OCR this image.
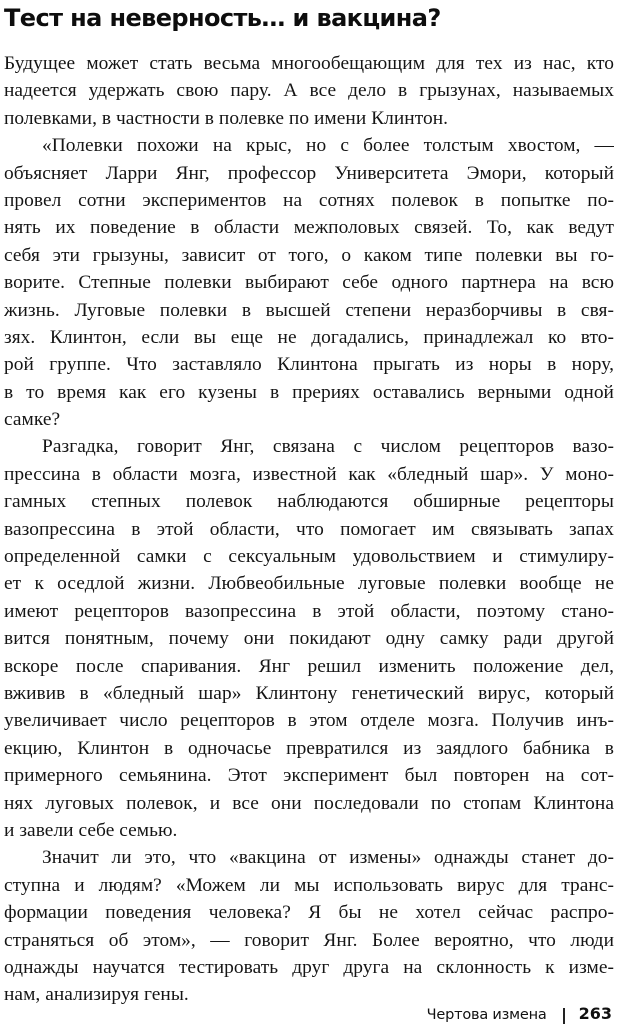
Тест на неверность… и вакцина?
Будущее может стать весьма многообещающим для тех из нас, кто
надеется удержать свою пару. А все дело в грызунах, называемых
полевками, в частности в полевке по имени Клинтон.
«Полевки похожи на крыс, но с более толстым хвостом, —
объясняет Ларри Янг, профессор Университета Эмори, который
провел сотни экспериментов на сотнях полевок в попытке по-
нять их поведение в области межполовых связей. То, как ведут
себя эти грызуны, зависит от того, о каком типе полевки вы го-
ворите. Степные полевки выбирают себе одного партнера на всю
жизнь. Луговые полевки в высшей степени неразборчивы в свя-
зях. Клинтон, если вы еще не догадались, принадлежал ко вто-
рой группе. Что заставляло Клинтона прыгать из норы в нору,
в то время как его кузены в прериях оставались верными одной
самке?
Разгадка, говорит Янг, связана с числом рецепторов вазо-
прессина в области мозга, известной как «бледный шар». У моно-
гамных степных полевок наблюдаются обширные рецепторы
вазопрессина в этой области, что помогает им связывать запах
определенной самки с сексуальным удовольствием и стимулиру-
ет к оседлой жизни. Любвеобильные луговые полевки вообще не
имеют рецепторов вазопрессина в этой области, поэтому стано-
вится понятным, почему они покидают одну самку ради другой
вскоре после спаривания. Янг решил изменить положение дел,
вживив в «бледный шар» Клинтону генетический вирус, который
увеличивает число рецепторов в этом отделе мозга. Получив инъ-
екцию, Клинтон в одночасье превратился из заядлого бабника в
примерного семьянина. Этот эксперимент был повторен на сот-
нях луговых полевок, и все они последовали по стопам Клинтона
и завели себе семью.
Значит ли это, что «вакцина от измены» однажды станет до-
ступна и людям? «Можем ли мы использовать вирус для транс-
формации поведения человека? Я бы не хотел сейчас распро-
страняться об этом», — говорит Янг. Более вероятно, что люди
однажды научатся тестировать друг друга на склонность к изме-
нам, анализируя гены.
Чертова измена 263
